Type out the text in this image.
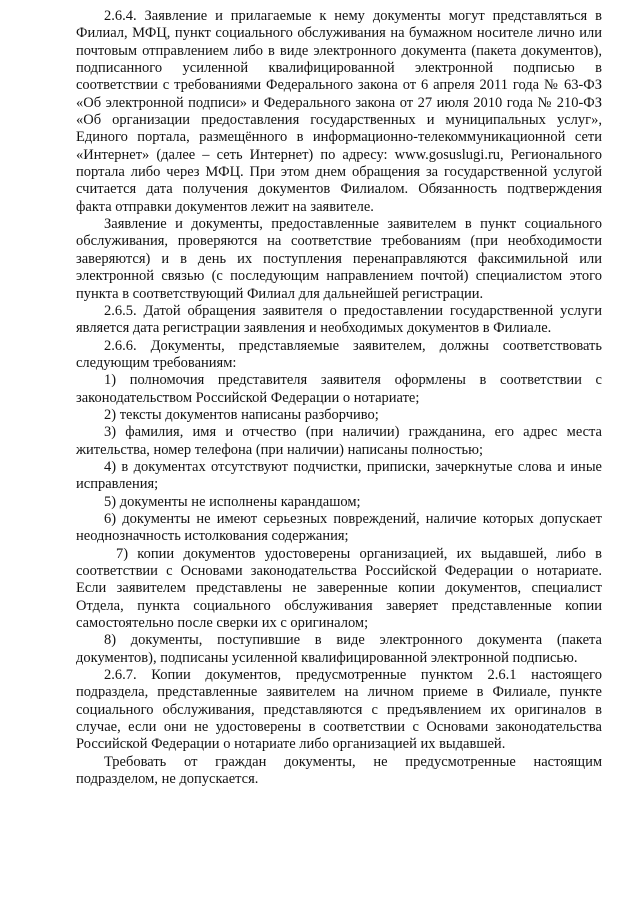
2.6.4. Заявление и прилагаемые к нему документы могут представляться в Филиал, МФЦ, пункт социального обслуживания на бумажном носителе лично или почтовым отправлением либо в виде электронного документа (пакета документов), подписанного усиленной квалифицированной электронной подписью в соответствии с требованиями Федерального закона от 6 апреля 2011 года № 63-ФЗ «Об электронной подписи» и Федерального закона от 27 июля 2010 года № 210-ФЗ «Об организации предоставления государственных и муниципальных услуг», Единого портала, размещённого в информационно-телекоммуникационной сети «Интернет» (далее – сеть Интернет) по адресу: www.gosuslugi.ru, Регионального портала либо через МФЦ. При этом днем обращения за государственной услугой считается дата получения документов Филиалом. Обязанность подтверждения факта отправки документов лежит на заявителе.

Заявление и документы, предоставленные заявителем в пункт социального обслуживания, проверяются на соответствие требованиям (при необходимости заверяются) и в день их поступления перенаправляются факсимильной или электронной связью (с последующим направлением почтой) специалистом этого пункта в соответствующий Филиал для дальнейшей регистрации.

2.6.5. Датой обращения заявителя о предоставлении государственной услуги является дата регистрации заявления и необходимых документов в Филиале.

2.6.6. Документы, представляемые заявителем, должны соответствовать следующим требованиям:

1) полномочия представителя заявителя оформлены в соответствии с законодательством Российской Федерации о нотариате;

2) тексты документов написаны разборчиво;

3) фамилия, имя и отчество (при наличии) гражданина, его адрес места жительства, номер телефона (при наличии) написаны полностью;

4) в документах отсутствуют подчистки, приписки, зачеркнутые слова и иные исправления;

5) документы не исполнены карандашом;

6) документы не имеют серьезных повреждений, наличие которых допускает неоднозначность истолкования содержания;

7) копии документов удостоверены организацией, их выдавшей, либо в соответствии с Основами законодательства Российской Федерации о нотариате. Если заявителем представлены не заверенные копии документов, специалист Отдела, пункта социального обслуживания заверяет представленные копии самостоятельно после сверки их с оригиналом;

8) документы, поступившие в виде электронного документа (пакета документов), подписаны усиленной квалифицированной электронной подписью.

2.6.7. Копии документов, предусмотренные пунктом 2.6.1 настоящего подраздела, представленные заявителем на личном приеме в Филиале, пункте социального обслуживания, представляются с предъявлением их оригиналов в случае, если они не удостоверены в соответствии с Основами законодательства Российской Федерации о нотариате либо организацией их выдавшей.

Требовать от граждан документы, не предусмотренные настоящим подразделом, не допускается.
